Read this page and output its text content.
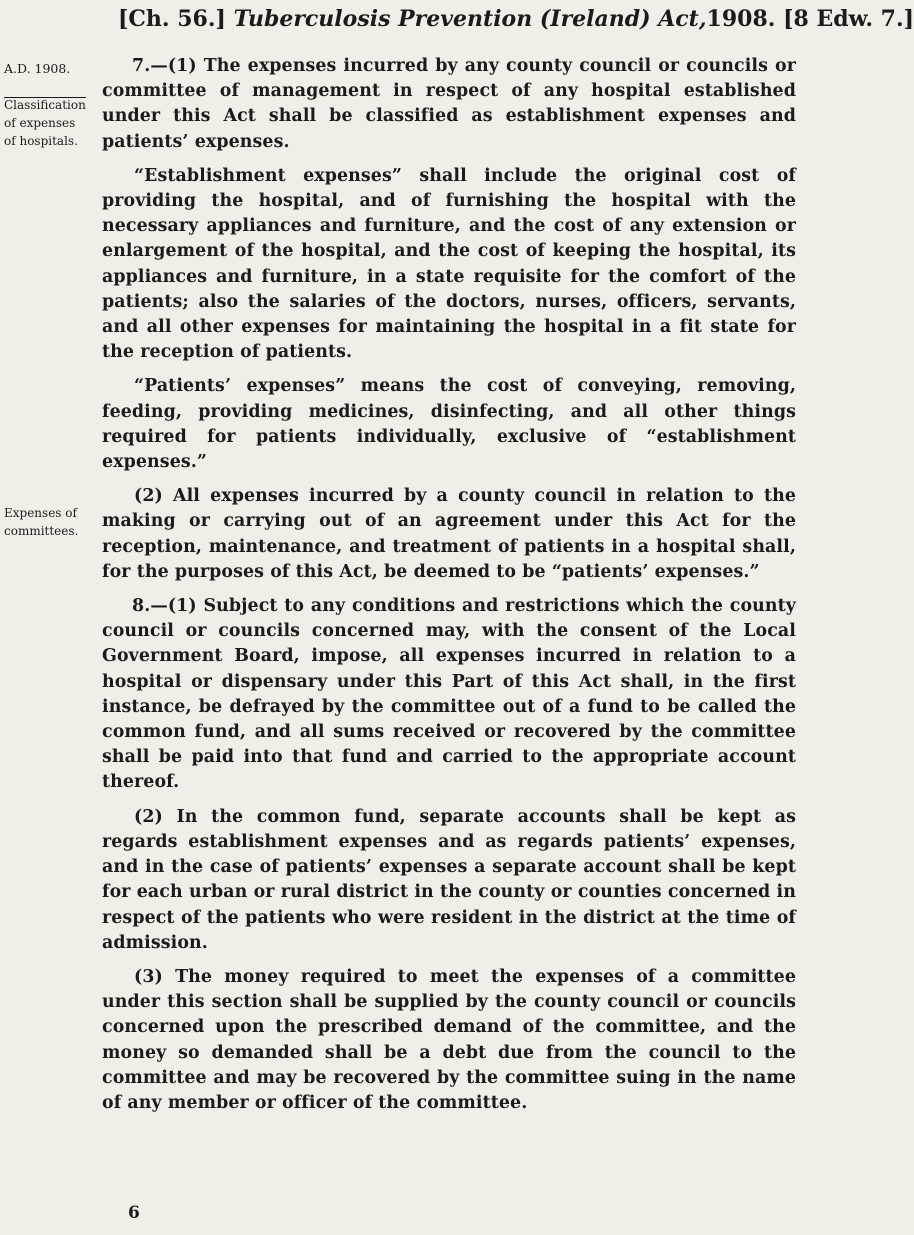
[Ch. 56.] Tuberculosis Prevention (Ireland) Act,1908. [8 Edw. 7.]
A.D. 1908.
Classification
of expenses
of hospitals.
Expenses of
committees.

7.—(1) The expenses incurred by any county council or councils or committee of management in respect of any hospital established under this Act shall be classified as establishment expenses and patients’ expenses.

“Establishment expenses” shall include the original cost of providing the hospital, and of furnishing the hospital with the necessary appliances and furniture, and the cost of any extension or enlargement of the hospital, and the cost of keeping the hospital, its appliances and furniture, in a state requisite for the comfort of the patients; also the salaries of the doctors, nurses, officers, servants, and all other expenses for maintaining the hospital in a fit state for the reception of patients.

“Patients’ expenses” means the cost of conveying, removing, feeding, providing medicines, disinfecting, and all other things required for patients individually, exclusive of “establishment expenses.”

(2) All expenses incurred by a county council in relation to the making or carrying out of an agreement under this Act for the reception, maintenance, and treatment of patients in a hospital shall, for the purposes of this Act, be deemed to be “patients’ expenses.”

8.—(1) Subject to any conditions and restrictions which the county council or councils concerned may, with the consent of the Local Government Board, impose, all expenses incurred in relation to a hospital or dispensary under this Part of this Act shall, in the first instance, be defrayed by the committee out of a fund to be called the common fund, and all sums received or recovered by the committee shall be paid into that fund and carried to the appropriate account thereof.

(2) In the common fund, separate accounts shall be kept as regards establishment expenses and as regards patients’ expenses, and in the case of patients’ expenses a separate account shall be kept for each urban or rural district in the county or counties concerned in respect of the patients who were resident in the district at the time of admission.

(3) The money required to meet the expenses of a committee under this section shall be supplied by the county council or councils concerned upon the prescribed demand of the committee, and the money so demanded shall be a debt due from the council to the committee and may be recovered by the committee suing in the name of any member or officer of the committee.

6
